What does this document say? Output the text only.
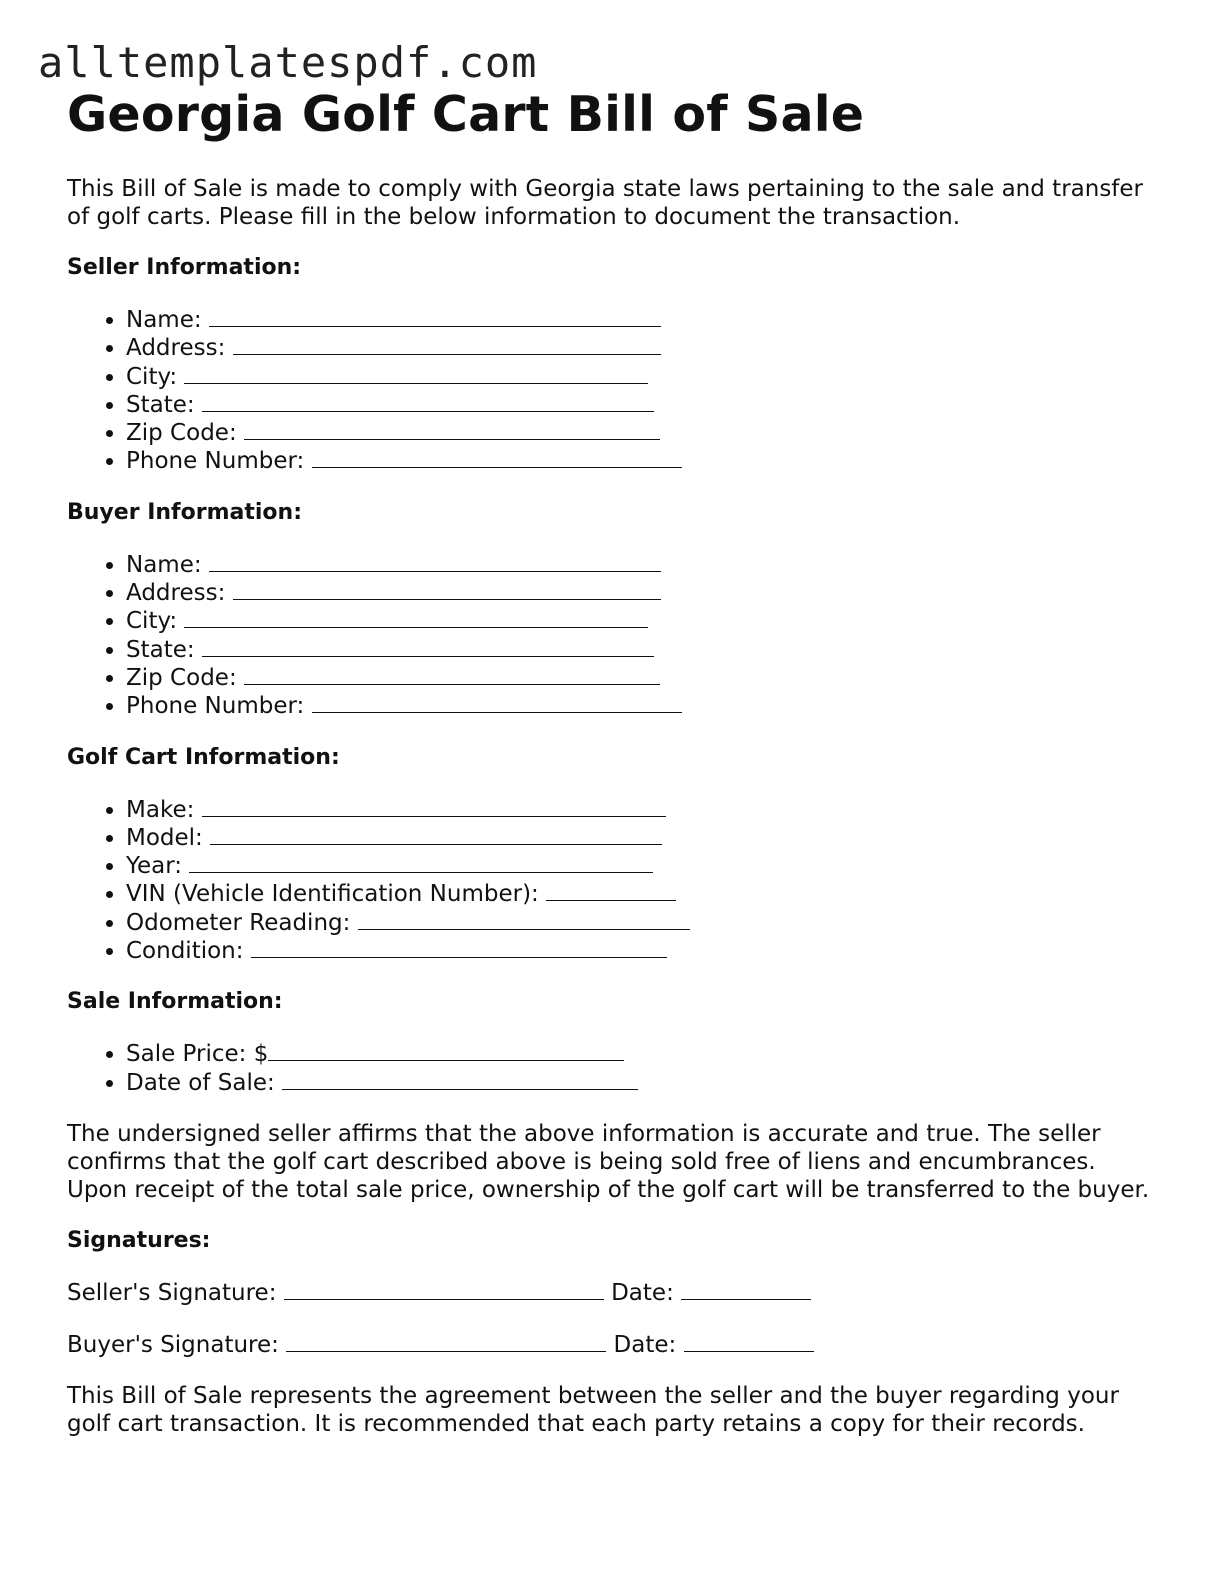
alltemplatespdf.com
Georgia Golf Cart Bill of Sale

This Bill of Sale is made to comply with Georgia state laws pertaining to the sale and transfer of golf carts. Please fill in the below information to document the transaction.

Seller Information:
• Name:
• Address:
• City:
• State:
• Zip Code:
• Phone Number:
Buyer Information:
• Name:
• Address:
• City:
• State:
• Zip Code:
• Phone Number:
Golf Cart Information:
• Make:
• Model:
• Year:
• VIN (Vehicle Identification Number):
• Odometer Reading:
• Condition:
Sale Information:
• Sale Price: $
• Date of Sale:

The undersigned seller affirms that the above information is accurate and true. The seller confirms that the golf cart described above is being sold free of liens and encumbrances. Upon receipt of the total sale price, ownership of the golf cart will be transferred to the buyer.

Signatures:
Seller's Signature:	Date:
Buyer's Signature:	Date:

This Bill of Sale represents the agreement between the seller and the buyer regarding your golf cart transaction. It is recommended that each party retains a copy for their records.
